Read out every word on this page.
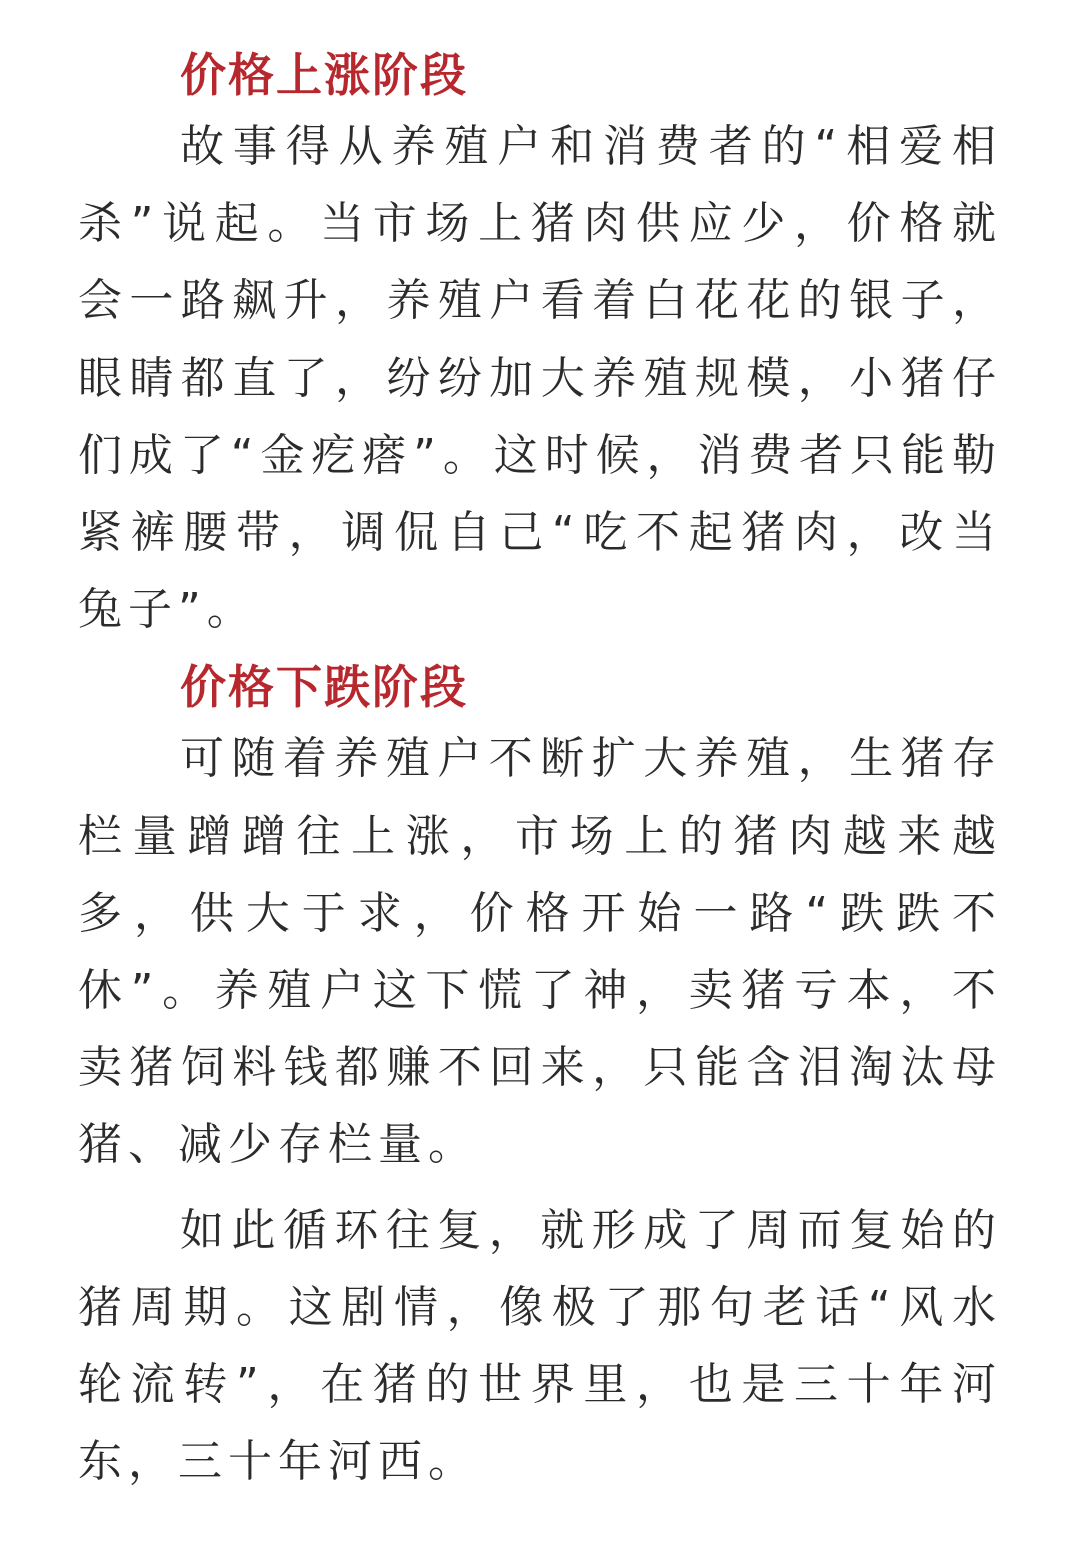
价格上涨阶段

故事得从养殖户和消费者的“相爱相杀”说起。当市场上猪肉供应少，价格就会一路飙升，养殖户看着白花花的银子，眼睛都直了，纷纷加大养殖规模，小猪仔们成了“金疙瘩”。这时候，消费者只能勒紧裤腰带，调侃自己“吃不起猪肉，改当兔子”。

价格下跌阶段

可随着养殖户不断扩大养殖，生猪存栏量蹭蹭往上涨，市场上的猪肉越来越多，供大于求，价格开始一路“跌跌不休”。养殖户这下慌了神，卖猪亏本，不卖猪饲料钱都赚不回来，只能含泪淘汰母猪、减少存栏量。

如此循环往复，就形成了周而复始的猪周期。这剧情，像极了那句老话“风水轮流转”，在猪的世界里，也是三十年河东，三十年河西。
